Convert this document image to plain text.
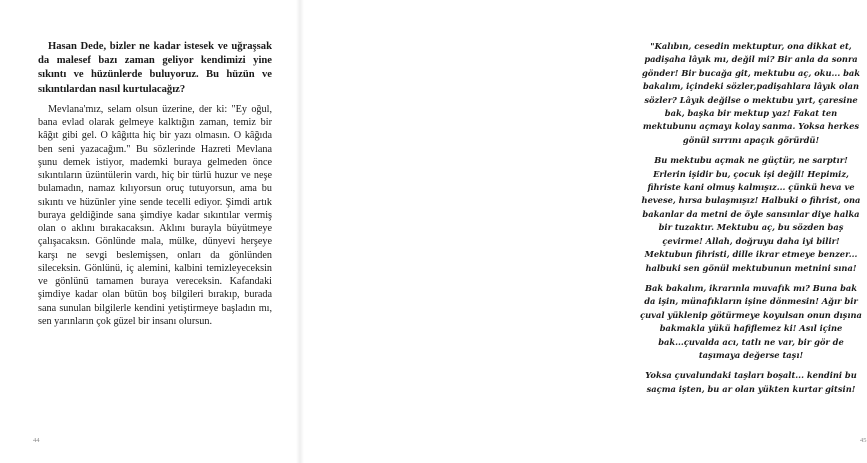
Hasan Dede, bizler ne kadar istesek ve uğraşsak da malesef bazı zaman geliyor kendimizi yine sıkıntı ve hüzünlerde buluyoruz. Bu hüzün ve sıkıntılardan nasıl kurtulacağız?

Mevlana'mız, selam olsun üzerine, der ki: "Ey oğul, bana evlad olarak gelmeye kalktığın zaman, temiz bir kâğıt gibi gel. O kâğıtta hiç bir yazı olmasın. O kâğıda ben seni yazacağım." Bu sözlerinde Hazreti Mevlana şunu demek istiyor, mademki buraya gelmeden önce sıkıntıların üzüntülerin vardı, hiç bir türlü huzur ve neşe bulamadın, namaz kılıyorsun oruç tutuyorsun, ama bu sıkıntı ve hüzünler yine sende tecelli ediyor. Şimdi artık buraya geldiğinde sana şimdiye kadar sıkıntılar vermiş olan o aklını bırakacaksın. Aklını burayla büyütmeye çalışacaksın. Gönlünde mala, mülke, dünyevi herşeye karşı ne sevgi beslemişsen, onları da gönlünden sileceksin. Gönlünü, iç alemini, kalbini temizleyeceksin ve gönlünü tamamen buraya vereceksin. Kafandaki şimdiye kadar olan bütün boş bilgileri bırakıp, burada sana sunulan bilgilerle kendini yetiştirmeye başladın mı, sen yarınların çok güzel bir insanı olursun.

44

"Kalıbın, cesedin mektuptur, ona dikkat et, padişaha lâyık mı, değil mi? Bir anla da sonra gönder! Bir bucağa git, mektubu aç, oku... bak bakalım, içindeki sözler,padişahlara lâyık olan sözler? Lâyık değilse o mektubu yırt, çaresine bak, başka bir mektup yaz! Fakat ten mektubunu açmayı kolay sanma. Yoksa herkes gönül sırrını apaçık görürdü!

Bu mektubu açmak ne güçtür, ne sarptır! Erlerin işidir bu, çocuk işi değil! Hepimiz, fihriste kani olmuş kalmışız... çünkü heva ve hevese, hırsa bulaşmışız! Halbuki o fihrist, ona bakanlar da metni de öyle sansınlar diye halka bir tuzaktır. Mektubu aç, bu sözden baş çevirme! Allah, doğruyu daha iyi bilir! Mektubun fihristi, dille ikrar etmeye benzer... halbuki sen gönül mektubunun metnini sına!

Bak bakalım, ikrarınla muvafık mı? Buna bak da işin, münafıkların işine dönmesin! Ağır bir çuval yüklenip götürmeye koyulsan onun dışına bakmakla yükü hafiflemez ki! Asıl içine bak...çuvalda acı, tatlı ne var, bir gör de taşımaya değerse taşı!

Yoksa çuvalundaki taşları boşalt... kendini bu saçma işten, bu ar olan yükten kurtar gitsin!

45
